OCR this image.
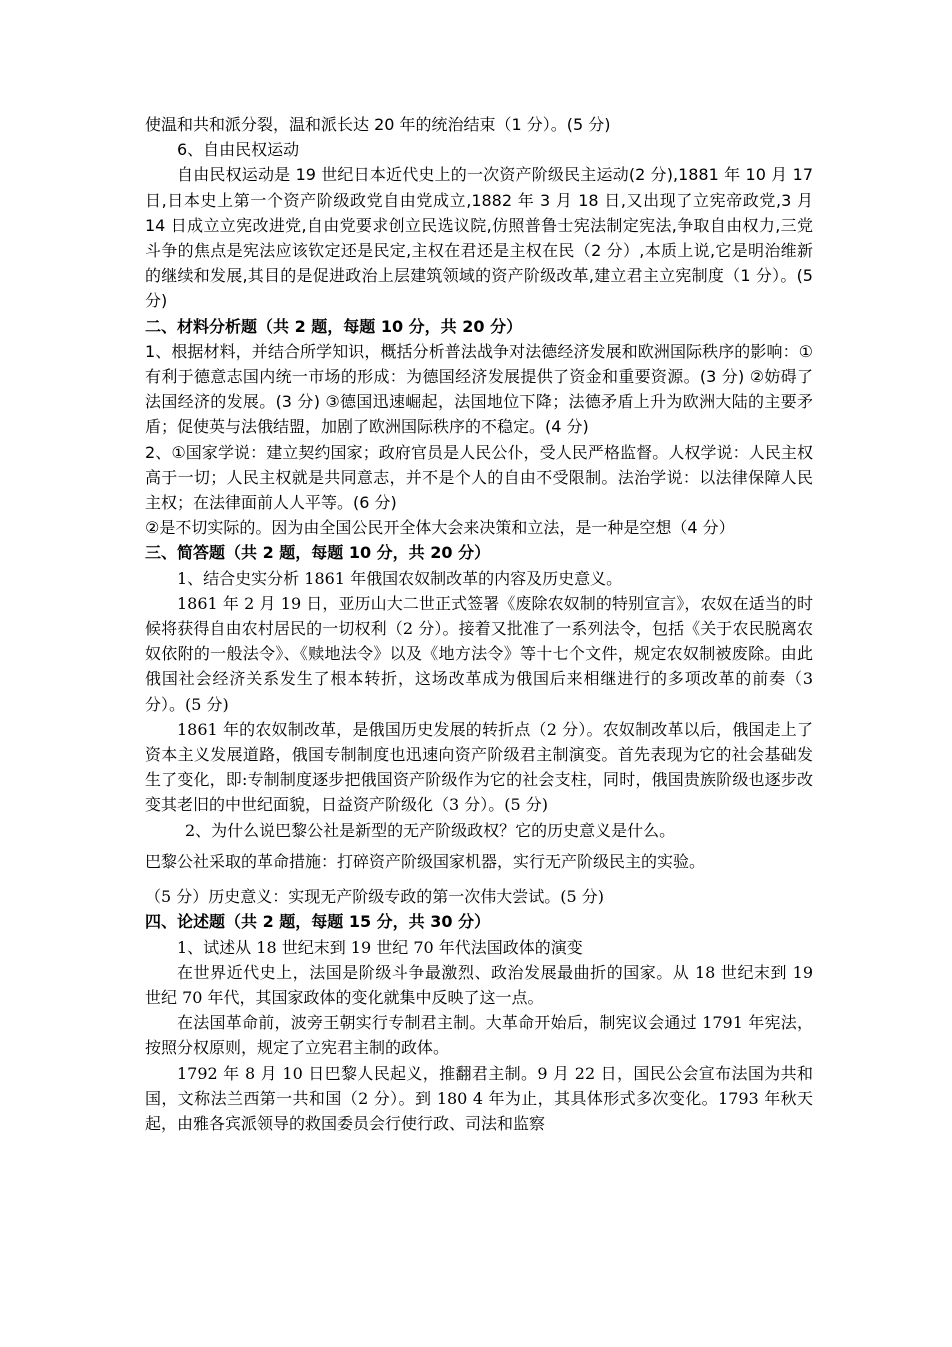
使温和共和派分裂，温和派长达 20 年的统治结束（1 分）。(5 分)

6、自由民权运动

自由民权运动是 19 世纪日本近代史上的一次资产阶级民主运动(2 分),1881 年 10 月 17 日,日本史上第一个资产阶级政党自由党成立,1882 年 3 月 18 日,又出现了立宪帝政党,3 月 14 日成立立宪改进党,自由党要求创立民选议院,仿照普鲁士宪法制定宪法,争取自由权力,三党斗争的焦点是宪法应该钦定还是民定,主权在君还是主权在民（2 分）,本质上说,它是明治维新的继续和发展,其目的是促进政治上层建筑领域的资产阶级改革,建立君主立宪制度（1 分）。(5 分)

二、材料分析题（共 2 题，每题 10 分，共 20 分）

1、根据材料，并结合所学知识，概括分析普法战争对法德经济发展和欧洲国际秩序的影响：①有利于德意志国内统一市场的形成：为德国经济发展提供了资金和重要资源。(3 分) ②妨碍了法国经济的发展。(3 分) ③德国迅速崛起，法国地位下降；法德矛盾上升为欧洲大陆的主要矛盾；促使英与法俄结盟，加剧了欧洲国际秩序的不稳定。(4 分)

2、①国家学说：建立契约国家；政府官员是人民公仆，受人民严格监督。人权学说：人民主权高于一切；人民主权就是共同意志，并不是个人的自由不受限制。法治学说：以法律保障人民主权；在法律面前人人平等。(6 分)

②是不切实际的。因为由全国公民开全体大会来决策和立法，是一种是空想（4 分）

三、简答题（共 2 题，每题 10 分，共 20 分）

1、结合史实分析 1861 年俄国农奴制改革的内容及历史意义。

1861 年 2 月 19 日，亚历山大二世正式签署《废除农奴制的特别宣言》，农奴在适当的时候将获得自由农村居民的一切权利（2 分）。接着又批准了一系列法令，包括《关于农民脱离农奴依附的一般法令》、《赎地法令》以及《地方法令》等十七个文件，规定农奴制被废除。由此俄国社会经济关系发生了根本转折，这场改革成为俄国后来相继进行的多项改革的前奏（3 分）。(5 分)

1861 年的农奴制改革，是俄国历史发展的转折点（2 分）。农奴制改革以后，俄国走上了资本主义发展道路，俄国专制制度也迅速向资产阶级君主制演变。首先表现为它的社会基础发生了变化，即:专制制度逐步把俄国资产阶级作为它的社会支柱，同时，俄国贵族阶级也逐步改变其老旧的中世纪面貌，日益资产阶级化（3 分）。(5 分)

2、为什么说巴黎公社是新型的无产阶级政权？它的历史意义是什么。

巴黎公社采取的革命措施：打碎资产阶级国家机器，实行无产阶级民主的实验。

（5 分）历史意义：实现无产阶级专政的第一次伟大尝试。(5 分)

四、论述题（共 2 题，每题 15 分，共 30 分）

1、试述从 18 世纪末到 19 世纪 70 年代法国政体的演变

在世界近代史上，法国是阶级斗争最激烈、政治发展最曲折的国家。从 18 世纪末到 19 世纪 70 年代，其国家政体的变化就集中反映了这一点。

在法国革命前，波旁王朝实行专制君主制。大革命开始后，制宪议会通过 1791 年宪法，按照分权原则，规定了立宪君主制的政体。

1792 年 8 月 10 日巴黎人民起义，推翻君主制。9 月 22 日，国民公会宣布法国为共和国，文称法兰西第一共和国（2 分）。到 180 4 年为止，其具体形式多次变化。1793 年秋天起，由雅各宾派领导的救国委员会行使行政、司法和监察
